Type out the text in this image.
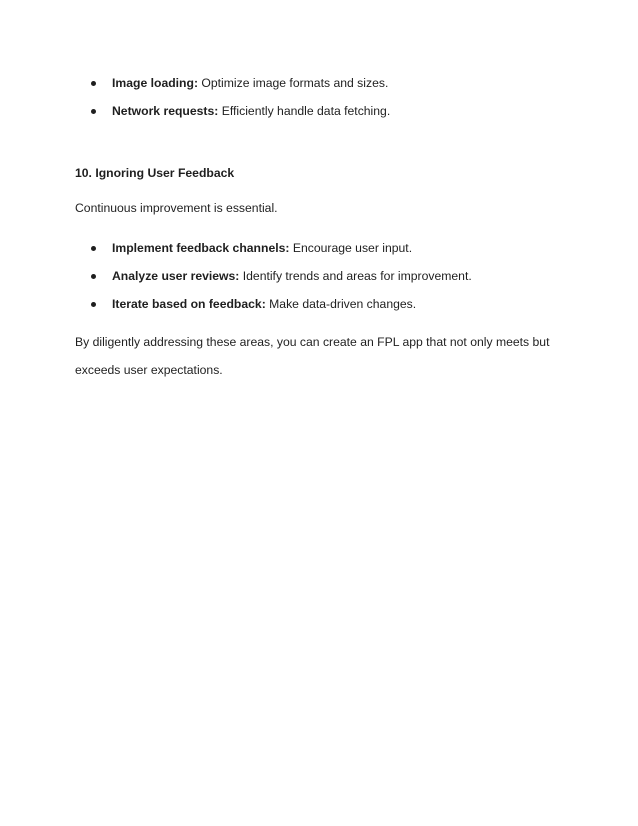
Image loading: Optimize image formats and sizes.
Network requests: Efficiently handle data fetching.
10. Ignoring User Feedback
Continuous improvement is essential.
Implement feedback channels: Encourage user input.
Analyze user reviews: Identify trends and areas for improvement.
Iterate based on feedback: Make data-driven changes.
By diligently addressing these areas, you can create an FPL app that not only meets but
exceeds user expectations.
